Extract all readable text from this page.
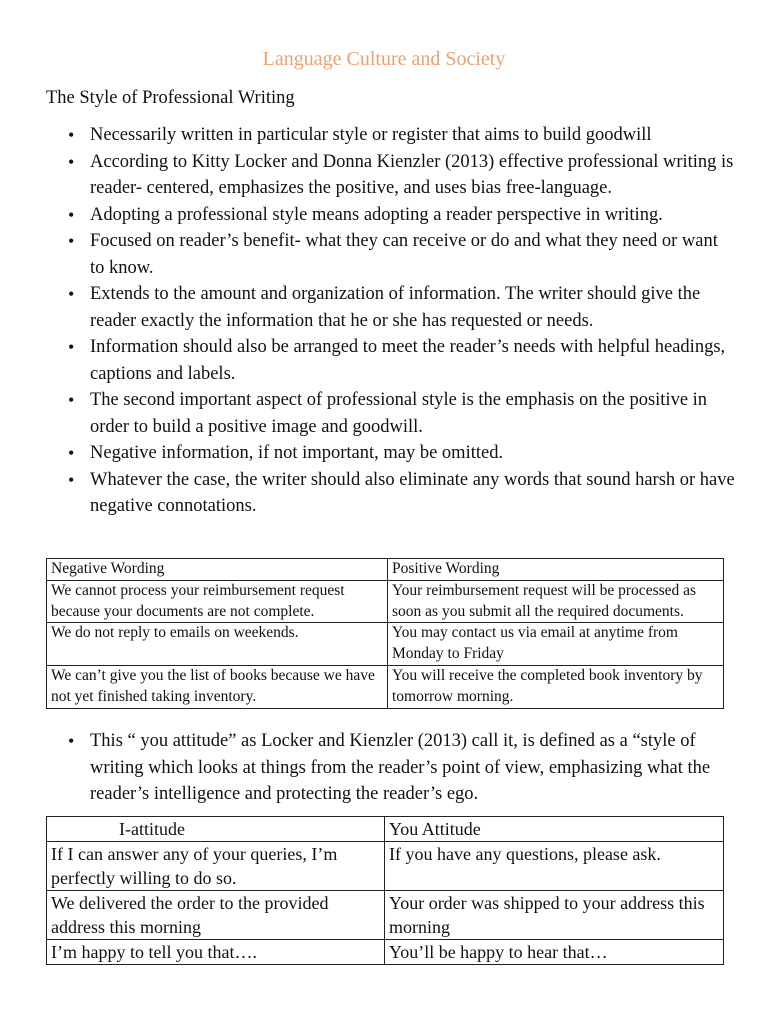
Language Culture and Society
The Style of Professional Writing
• Necessarily written in particular style or register that aims to build goodwill
• According to Kitty Locker and Donna Kienzler (2013) effective professional writing is reader- centered, emphasizes the positive, and uses bias free-language.
• Adopting a professional style means adopting a reader perspective in writing.
• Focused on reader’s benefit- what they can receive or do and what they need or want to know.
• Extends to the amount and organization of information. The writer should give the reader exactly the information that he or she has requested or needs.
• Information should also be arranged to meet the reader’s needs with helpful headings, captions and labels.
• The second important aspect of professional style is the emphasis on the positive in order to build a positive image and goodwill.
• Negative information, if not important, may be omitted.
• Whatever the case, the writer should also eliminate any words that sound harsh or have negative connotations.
Negative Wording	Positive Wording
We cannot process your reimbursement request because your documents are not complete.	Your reimbursement request will be processed as soon as you submit all the required documents.
We do not reply to emails on weekends.	You may contact us via email at anytime from Monday to Friday
We can’t give you the list of books because we have not yet finished taking inventory.	You will receive the completed book inventory by tomorrow morning.
• This “ you attitude” as Locker and Kienzler (2013) call it, is defined as a “style of writing which looks at things from the reader’s point of view, emphasizing what the reader’s intelligence and protecting the reader’s ego.
I-attitude	You Attitude
If I can answer any of your queries, I’m perfectly willing to do so.	If you have any questions, please ask.
We delivered the order to the provided address this morning	Your order was shipped to your address this morning
I’m happy to tell you that….	You’ll be happy to hear that…
